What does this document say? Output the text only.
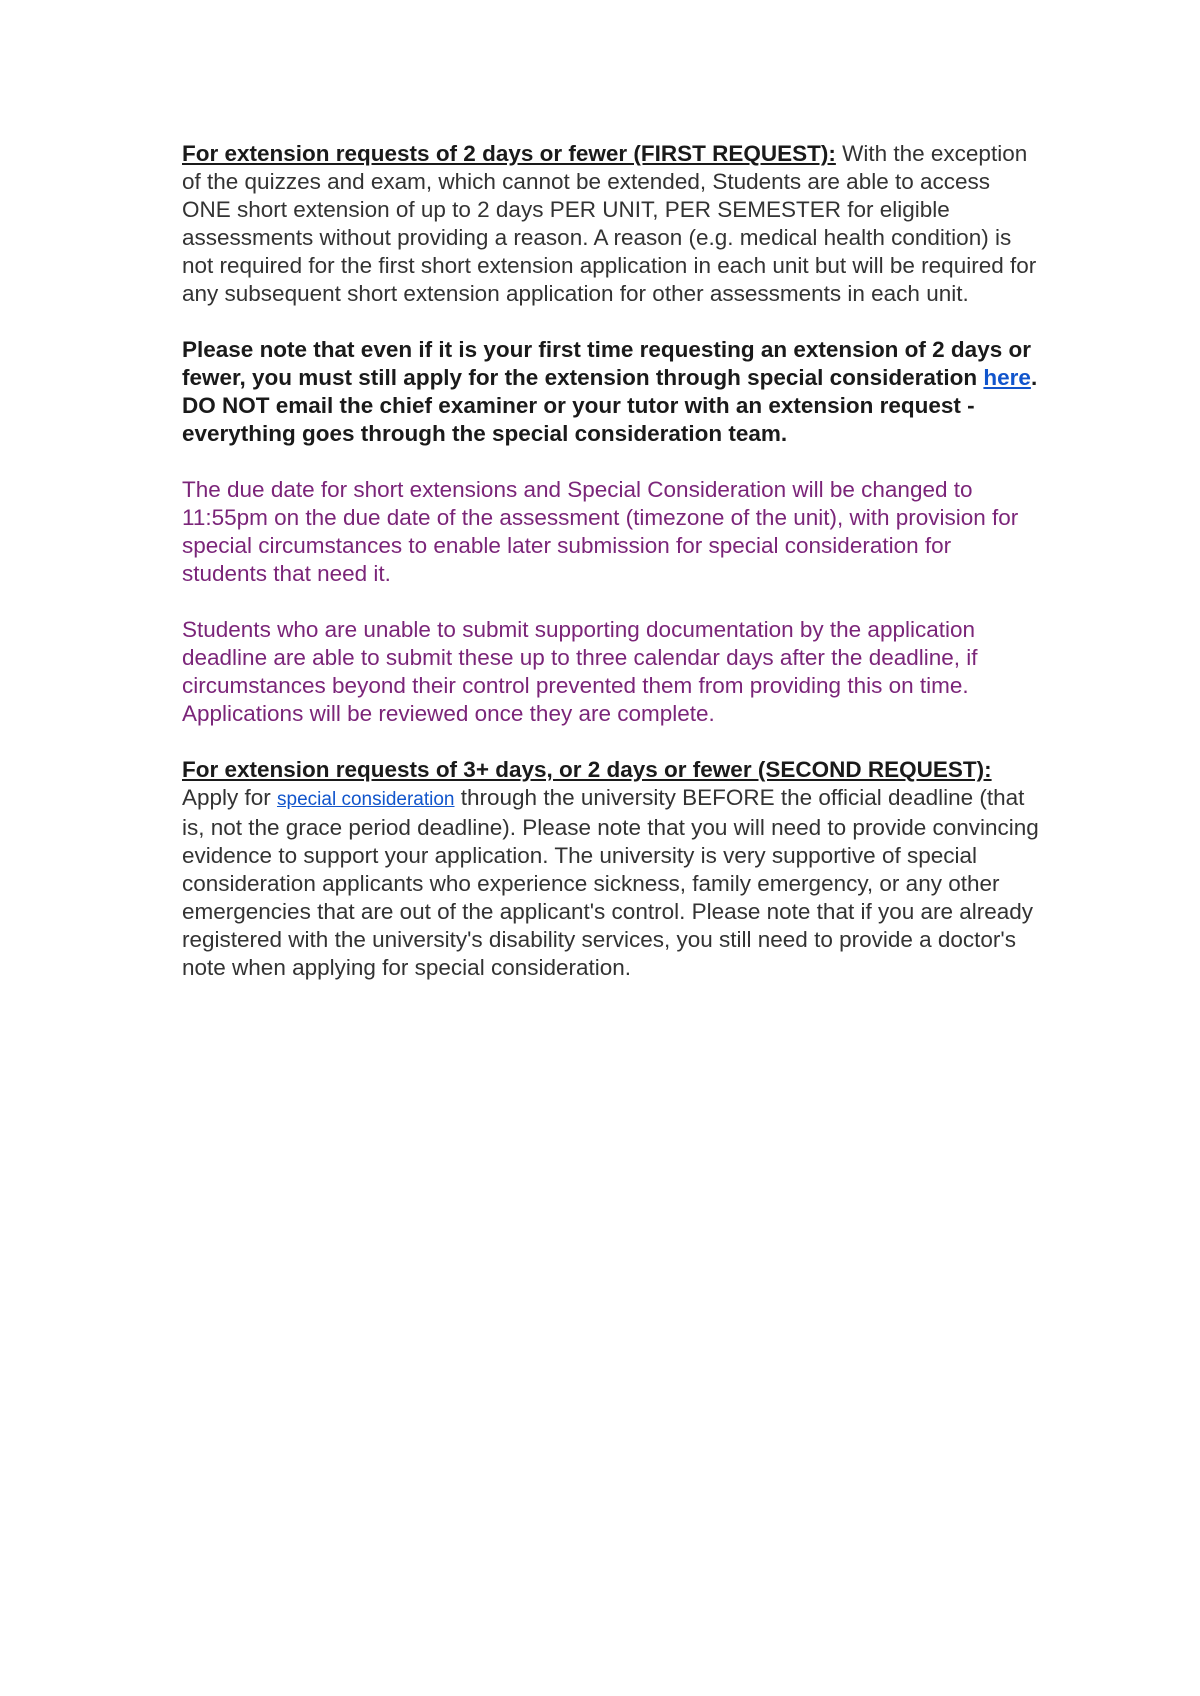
For extension requests of 2 days or fewer (FIRST REQUEST): With the exception of the quizzes and exam, which cannot be extended, Students are able to access ONE short extension of up to 2 days PER UNIT, PER SEMESTER for eligible assessments without providing a reason. A reason (e.g. medical health condition) is not required for the first short extension application in each unit but will be required for any subsequent short extension application for other assessments in each unit.

Please note that even if it is your first time requesting an extension of 2 days or fewer, you must still apply for the extension through special consideration here. DO NOT email the chief examiner or your tutor with an extension request - everything goes through the special consideration team.

The due date for short extensions and Special Consideration will be changed to 11:55pm on the due date of the assessment (timezone of the unit), with provision for special circumstances to enable later submission for special consideration for students that need it.

Students who are unable to submit supporting documentation by the application deadline are able to submit these up to three calendar days after the deadline, if circumstances beyond their control prevented them from providing this on time. Applications will be reviewed once they are complete.

For extension requests of 3+ days, or 2 days or fewer (SECOND REQUEST): Apply for special consideration through the university BEFORE the official deadline (that is, not the grace period deadline). Please note that you will need to provide convincing evidence to support your application. The university is very supportive of special consideration applicants who experience sickness, family emergency, or any other emergencies that are out of the applicant's control. Please note that if you are already registered with the university's disability services, you still need to provide a doctor's note when applying for special consideration.
